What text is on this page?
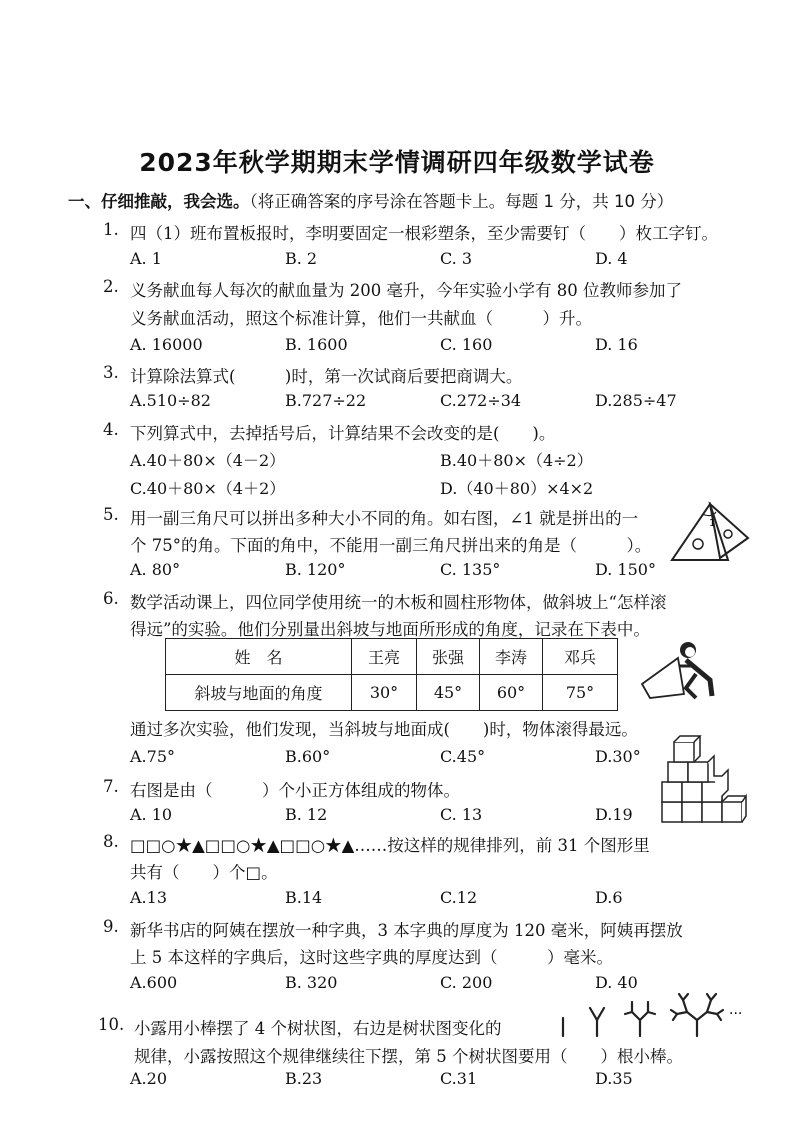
2023年秋学期期末学情调研四年级数学试卷
一、仔细推敲，我会选。（将正确答案的序号涂在答题卡上。每题 1 分，共 10 分）
1. 四（1）班布置板报时，李明要固定一根彩塑条，至少需要钉（　　）枚工字钉。
A. 1	B. 2	C. 3	D. 4
2. 义务献血每人每次的献血量为 200 毫升，今年实验小学有 80 位教师参加了
义务献血活动，照这个标准计算，他们一共献血（　　　）升。
A. 16000	B. 1600	C. 160	D. 16
3. 计算除法算式(　　　)时，第一次试商后要把商调大。
A.510÷82	B.727÷22	C.272÷34	D.285÷47
4. 下列算式中，去掉括号后，计算结果不会改变的是(　　)。
A.40＋80×（4－2）	B.40＋80×（4÷2）
C.40＋80×（4＋2）	D.（40＋80）×4×2
5. 用一副三角尺可以拼出多种大小不同的角。如右图，∠1 就是拼出的一
个 75°的角。下面的角中，不能用一副三角尺拼出来的角是（　　　）。
A. 80°	B. 120°	C. 135°	D. 150°
1
6. 数学活动课上，四位同学使用统一的木板和圆柱形物体，做斜坡上“怎样滚
得远”的实验。他们分别量出斜坡与地面所形成的角度，记录在下表中。
姓　名	王亮	张强	李涛	邓兵
斜坡与地面的角度	30°	45°	60°	75°
通过多次实验，他们发现，当斜坡与地面成(　　)时，物体滚得最远。
A.75°	B.60°	C.45°	D.30°
7. 右图是由（　　　）个小正方体组成的物体。
A. 10	B. 12	C. 13	D.19
8. □□○★▲□□○★▲□□○★▲……按这样的规律排列，前 31 个图形里
共有（　　）个□。
A.13	B.14	C.12	D.6
9. 新华书店的阿姨在摆放一种字典，3 本字典的厚度为 120 毫米，阿姨再摆放
上 5 本这样的字典后，这时这些字典的厚度达到（　　　）毫米。
A.600	B. 320	C. 200	D. 40
10. 小露用小棒摆了 4 个树状图，右边是树状图变化的
规律，小露按照这个规律继续往下摆，第 5 个树状图要用（　　）根小棒。
···
A.20	B.23	C.31	D.35
